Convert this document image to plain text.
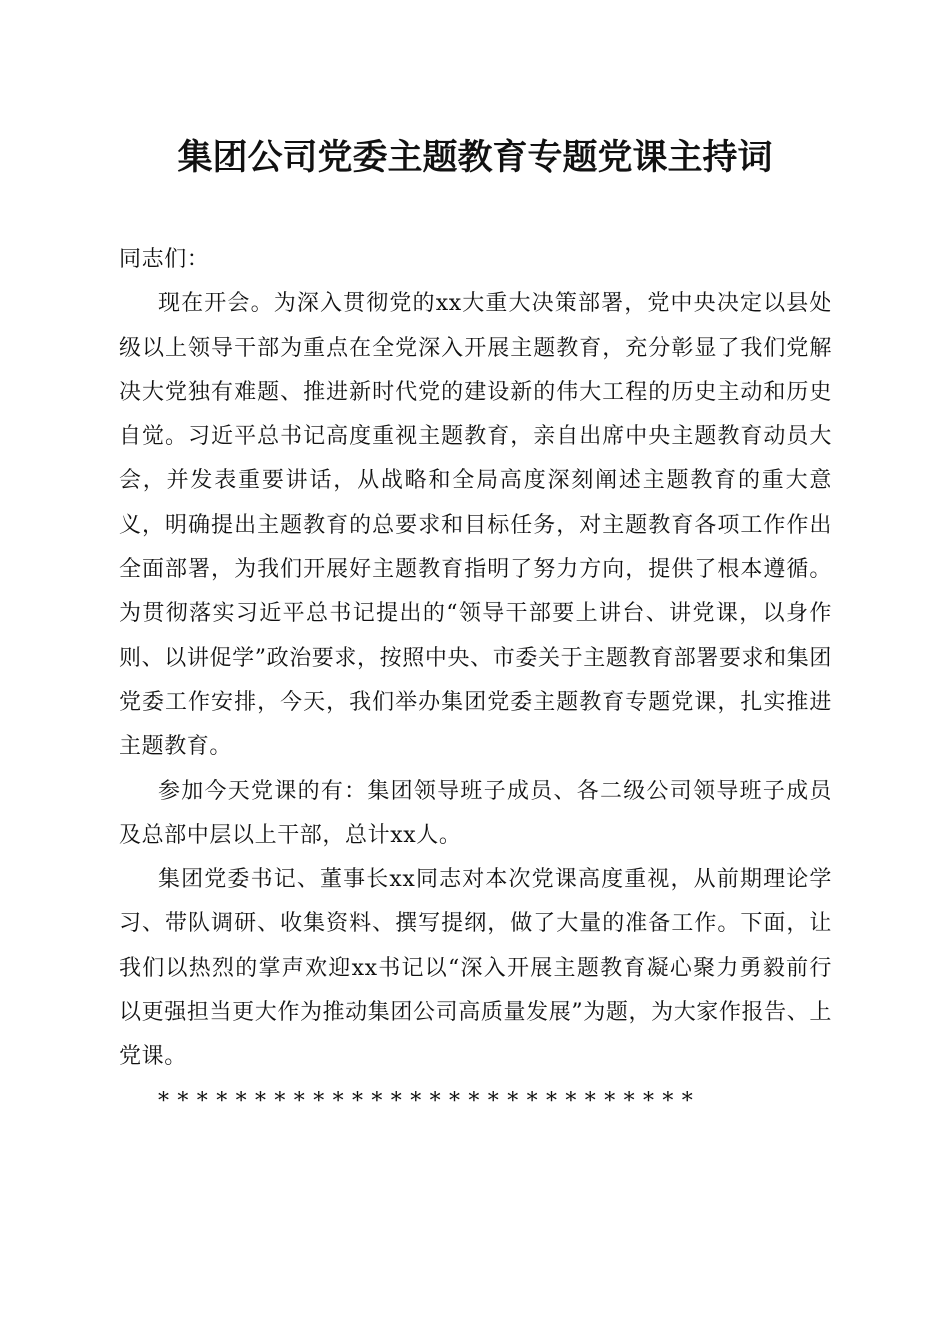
集团公司党委主题教育专题党课主持词

同志们：

现在开会。为深入贯彻党的xx大重大决策部署，党中央决定以县处级以上领导干部为重点在全党深入开展主题教育，充分彰显了我们党解决大党独有难题、推进新时代党的建设新的伟大工程的历史主动和历史自觉。习近平总书记高度重视主题教育，亲自出席中央主题教育动员大会，并发表重要讲话，从战略和全局高度深刻阐述主题教育的重大意义，明确提出主题教育的总要求和目标任务，对主题教育各项工作作出全面部署，为我们开展好主题教育指明了努力方向，提供了根本遵循。为贯彻落实习近平总书记提出的“领导干部要上讲台、讲党课，以身作则、以讲促学”政治要求，按照中央、市委关于主题教育部署要求和集团党委工作安排，今天，我们举办集团党委主题教育专题党课，扎实推进主题教育。

参加今天党课的有：集团领导班子成员、各二级公司领导班子成员及总部中层以上干部，总计xx人。

集团党委书记、董事长xx同志对本次党课高度重视，从前期理论学习、带队调研、收集资料、撰写提纲，做了大量的准备工作。下面，让我们以热烈的掌声欢迎xx书记以“深入开展主题教育凝心聚力勇毅前行以更强担当更大作为推动集团公司高质量发展”为题，为大家作报告、上党课。

****************************
